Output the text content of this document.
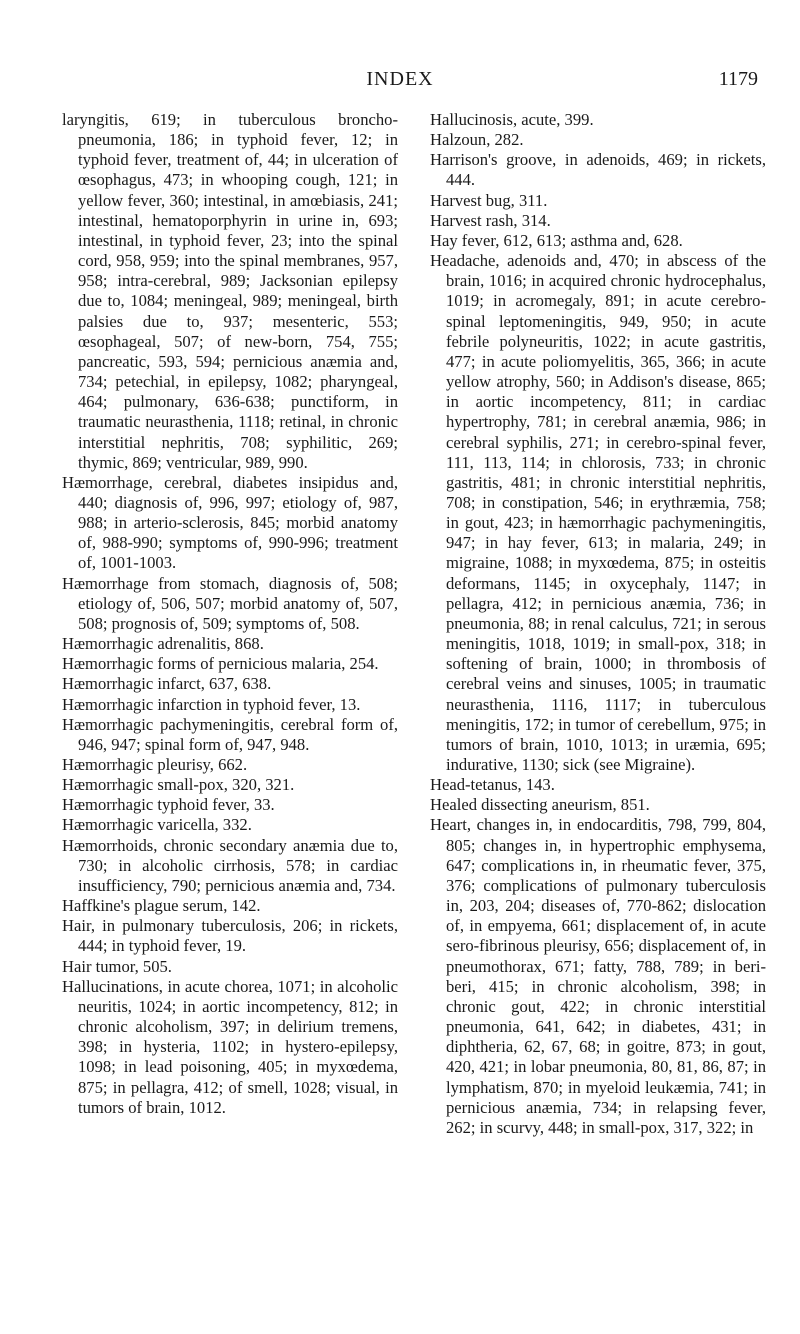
INDEX	1179

laryngitis, 619; in tuberculous broncho-pneumonia, 186; in typhoid fever, 12; in typhoid fever, treatment of, 44; in ulceration of œsophagus, 473; in whooping cough, 121; in yellow fever, 360; intestinal, in amœbiasis, 241; intestinal, hematoporphyrin in urine in, 693; intestinal, in typhoid fever, 23; into the spinal cord, 958, 959; into the spinal membranes, 957, 958; intra-cerebral, 989; Jacksonian epilepsy due to, 1084; meningeal, 989; meningeal, birth palsies due to, 937; mesenteric, 553; œsophageal, 507; of new-born, 754, 755; pancreatic, 593, 594; pernicious anæmia and, 734; petechial, in epilepsy, 1082; pharyngeal, 464; pulmonary, 636-638; punctiform, in traumatic neurasthenia, 1118; retinal, in chronic interstitial nephritis, 708; syphilitic, 269; thymic, 869; ventricular, 989, 990.

Hæmorrhage, cerebral, diabetes insipidus and, 440; diagnosis of, 996, 997; etiology of, 987, 988; in arterio-sclerosis, 845; morbid anatomy of, 988-990; symptoms of, 990-996; treatment of, 1001-1003.

Hæmorrhage from stomach, diagnosis of, 508; etiology of, 506, 507; morbid anatomy of, 507, 508; prognosis of, 509; symptoms of, 508.

Hæmorrhagic adrenalitis, 868.

Hæmorrhagic forms of pernicious malaria, 254.

Hæmorrhagic infarct, 637, 638.

Hæmorrhagic infarction in typhoid fever, 13.

Hæmorrhagic pachymeningitis, cerebral form of, 946, 947; spinal form of, 947, 948.

Hæmorrhagic pleurisy, 662.

Hæmorrhagic small-pox, 320, 321.

Hæmorrhagic typhoid fever, 33.

Hæmorrhagic varicella, 332.

Hæmorrhoids, chronic secondary anæmia due to, 730; in alcoholic cirrhosis, 578; in cardiac insufficiency, 790; pernicious anæmia and, 734.

Haffkine's plague serum, 142.

Hair, in pulmonary tuberculosis, 206; in rickets, 444; in typhoid fever, 19.

Hair tumor, 505.

Hallucinations, in acute chorea, 1071; in alcoholic neuritis, 1024; in aortic incompetency, 812; in chronic alcoholism, 397; in delirium tremens, 398; in hysteria, 1102; in hystero-epilepsy, 1098; in lead poisoning, 405; in myxœdema, 875; in pellagra, 412; of smell, 1028; visual, in tumors of brain, 1012.

Hallucinosis, acute, 399.

Halzoun, 282.

Harrison's groove, in adenoids, 469; in rickets, 444.

Harvest bug, 311.

Harvest rash, 314.

Hay fever, 612, 613; asthma and, 628.

Headache, adenoids and, 470; in abscess of the brain, 1016; in acquired chronic hydrocephalus, 1019; in acromegaly, 891; in acute cerebro-spinal leptomeningitis, 949, 950; in acute febrile polyneuritis, 1022; in acute gastritis, 477; in acute poliomyelitis, 365, 366; in acute yellow atrophy, 560; in Addison's disease, 865; in aortic incompetency, 811; in cardiac hypertrophy, 781; in cerebral anæmia, 986; in cerebral syphilis, 271; in cerebro-spinal fever, 111, 113, 114; in chlorosis, 733; in chronic gastritis, 481; in chronic interstitial nephritis, 708; in constipation, 546; in erythræmia, 758; in gout, 423; in hæmorrhagic pachymeningitis, 947; in hay fever, 613; in malaria, 249; in migraine, 1088; in myxœdema, 875; in osteitis deformans, 1145; in oxycephaly, 1147; in pellagra, 412; in pernicious anæmia, 736; in pneumonia, 88; in renal calculus, 721; in serous meningitis, 1018, 1019; in small-pox, 318; in softening of brain, 1000; in thrombosis of cerebral veins and sinuses, 1005; in traumatic neurasthenia, 1116, 1117; in tuberculous meningitis, 172; in tumor of cerebellum, 975; in tumors of brain, 1010, 1013; in uræmia, 695; indurative, 1130; sick (see Migraine).

Head-tetanus, 143.

Healed dissecting aneurism, 851.

Heart, changes in, in endocarditis, 798, 799, 804, 805; changes in, in hypertrophic emphysema, 647; complications in, in rheumatic fever, 375, 376; complications of pulmonary tuberculosis in, 203, 204; diseases of, 770-862; dislocation of, in empyema, 661; displacement of, in acute sero-fibrinous pleurisy, 656; displacement of, in pneumothorax, 671; fatty, 788, 789; in beri-beri, 415; in chronic alcoholism, 398; in chronic gout, 422; in chronic interstitial pneumonia, 641, 642; in diabetes, 431; in diphtheria, 62, 67, 68; in goitre, 873; in gout, 420, 421; in lobar pneumonia, 80, 81, 86, 87; in lymphatism, 870; in myeloid leukæmia, 741; in pernicious anæmia, 734; in relapsing fever, 262; in scurvy, 448; in small-pox, 317, 322; in
